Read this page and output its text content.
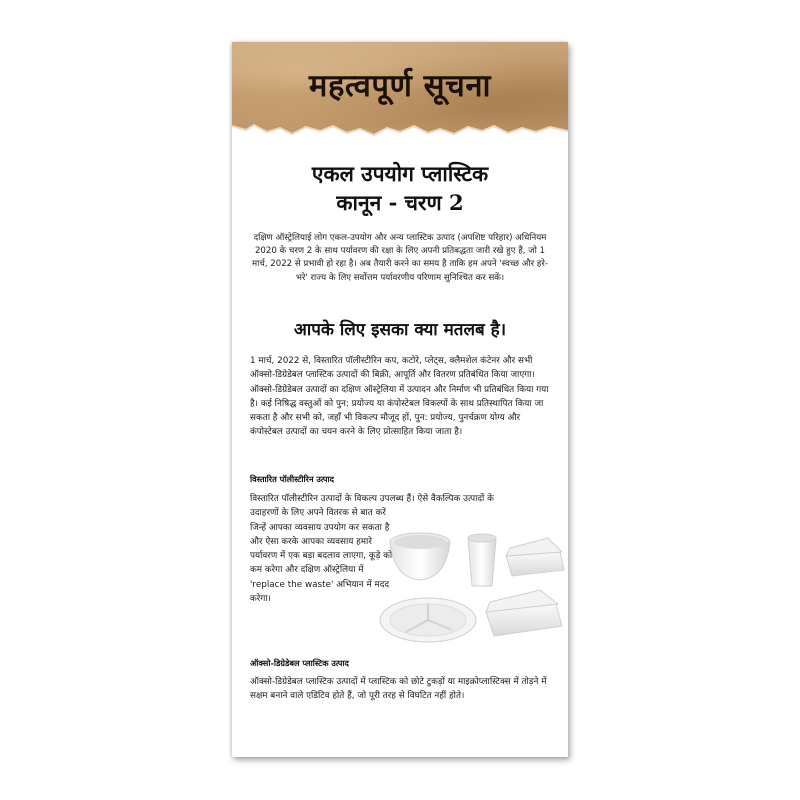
महत्वपूर्ण सूचना
एकल उपयोग प्लास्टिक
कानून - चरण 2
दक्षिण ऑस्ट्रेलियाई लोग एकल-उपयोग और अन्य प्लास्टिक उत्पाद (अपशिष्ट परिहार) अधिनियम 2020 के चरण 2 के साथ पर्यावरण की रक्षा के लिए अपनी प्रतिबद्धता जारी रखे हुए हैं, जो 1 मार्च, 2022 से प्रभावी हो रहा है। अब तैयारी करने का समय है ताकि हम अपने 'स्वच्छ और हरे-भरे' राज्य के लिए सर्वोत्तम पर्यावरणीय परिणाम सुनिश्चित कर सकें।
आपके लिए इसका क्या मतलब है।
1 मार्च, 2022 से, विस्तारित पॉलीस्टीरिन कप, कटोरे, प्लेट्स, क्लैमशेल कंटेनर और सभी ऑक्सो-डिग्रेडेबल प्लास्टिक उत्पादों की बिक्री, आपूर्ति और वितरण प्रतिबंधित किया जाएगा। ऑक्सो-डिग्रेडेबल उत्पादों का दक्षिण ऑस्ट्रेलिया में उत्पादन और निर्माण भी प्रतिबंधित किया गया है। कई निषिद्ध वस्तुओं को पुन: प्रयोज्य या कंपोस्टेबल विकल्पों के साथ प्रतिस्थापित किया जा सकता है और सभी को, जहाँ भी विकल्प मौजूद हों, पुन: प्रयोज्य, पुनर्चक्रण योग्य और कंपोस्टेबल उत्पादों का चयन करने के लिए प्रोत्साहित किया जाता है।
विस्तारित पॉलीस्टीरिन उत्पाद
विस्तारित पॉलीस्टीरिन उत्पादों के विकल्प उपलब्ध हैं। ऐसे वैकल्पिक उत्पादों के
उदाहरणों के लिए अपने वितरक से बात करें जिन्हें आपका व्यवसाय उपयोग कर सकता है और ऐसा करके आपका व्यवसाय हमारे पर्यावरण में एक बड़ा बदलाव लाएगा, कूड़े को कम करेगा और दक्षिण ऑस्ट्रेलिया में 'replace the waste' अभियान में मदद करेगा।
ऑक्सो-डिग्रेडेबल प्लास्टिक उत्पाद
ऑक्सो-डिग्रेडेबल प्लास्टिक उत्पादों में प्लास्टिक को छोटे टुकड़ों या माइक्रोप्लास्टिक्स में तोड़ने में सक्षम बनाने वाले एडिटिव होते हैं, जो पूरी तरह से विघटित नहीं होते।
